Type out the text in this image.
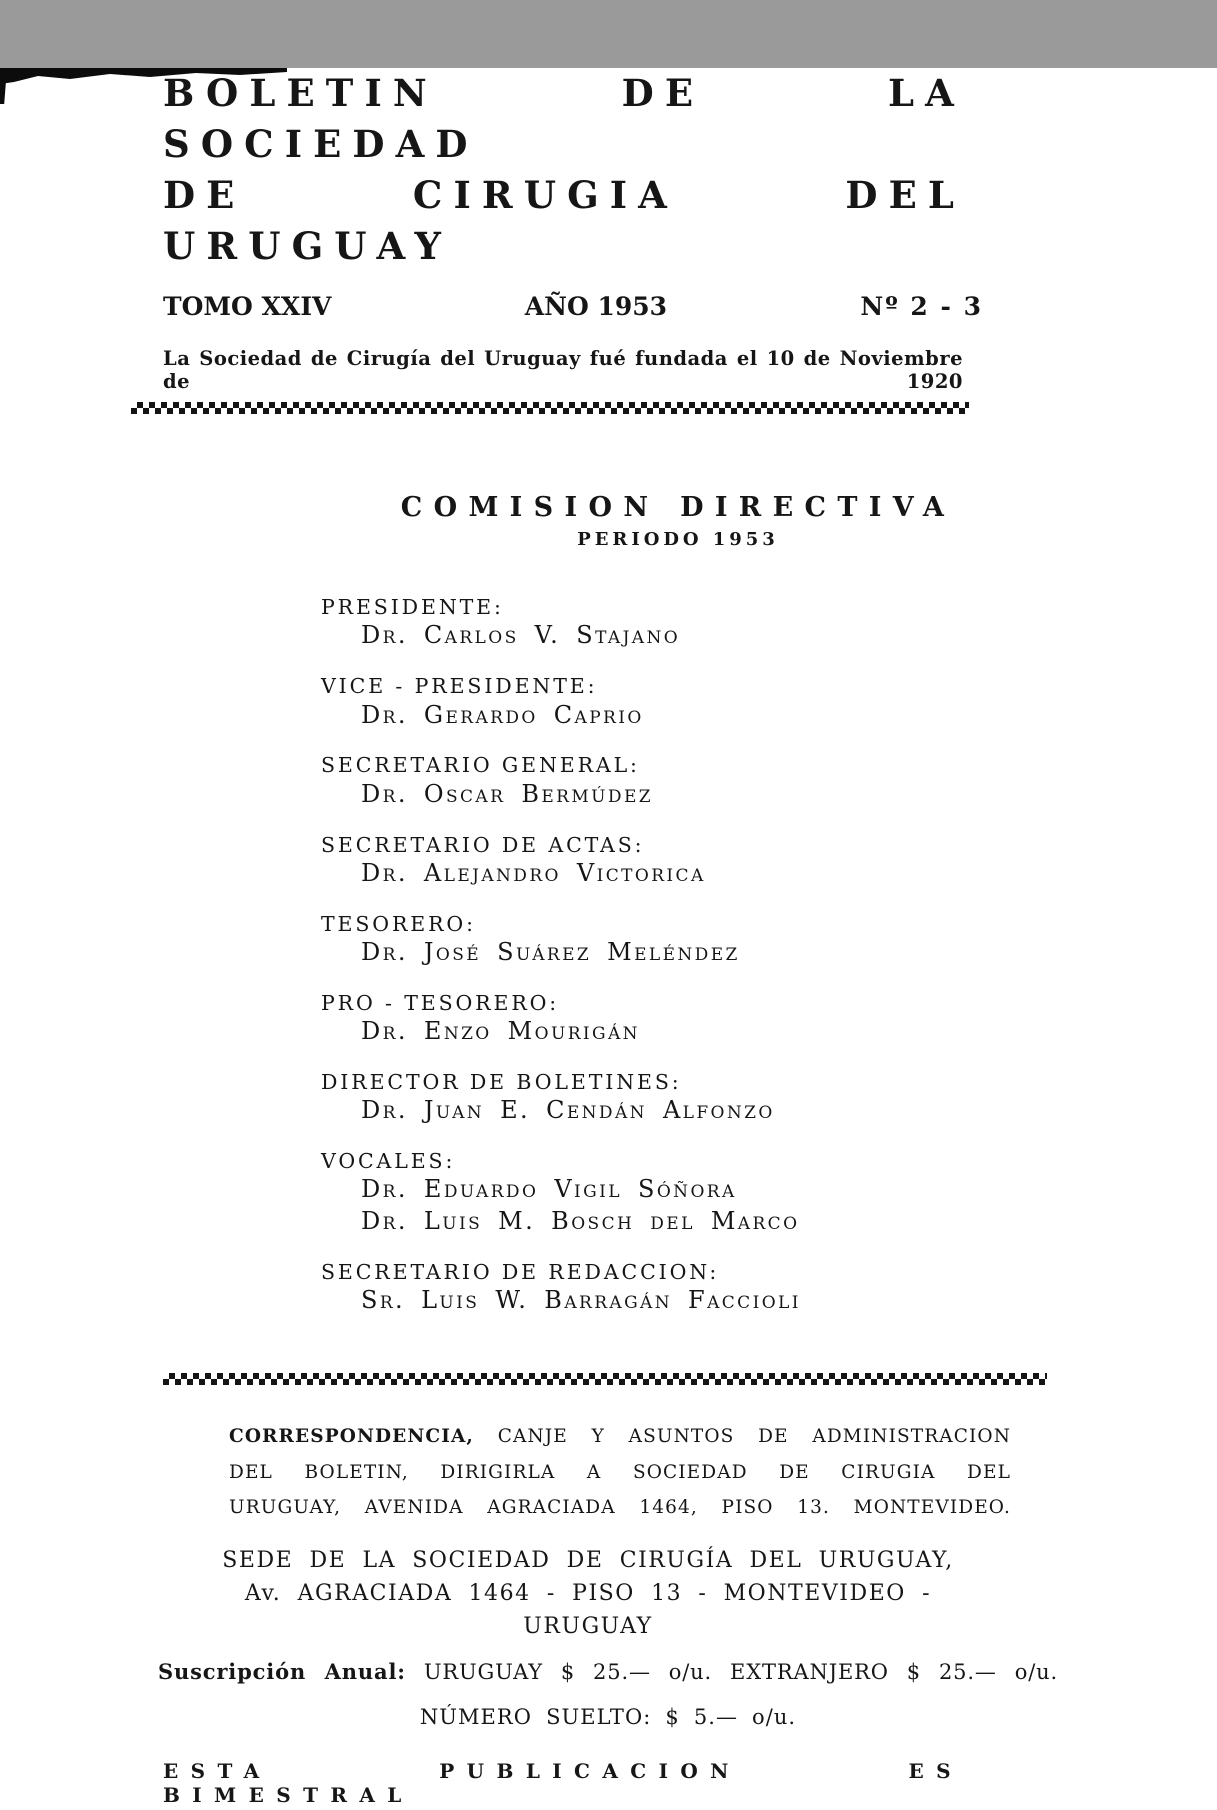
BOLETIN DE LA SOCIEDAD
DE CIRUGIA DEL URUGUAY
TOMO XXIV	AÑO 1953	Nº 2 - 3
La Sociedad de Cirugía del Uruguay fué fundada el 10 de Noviembre de 1920
COMISION DIRECTIVA
PERIODO 1953
PRESIDENTE:
Dr. Carlos V. Stajano
VICE - PRESIDENTE:
Dr. Gerardo Caprio
SECRETARIO GENERAL:
Dr. Oscar Bermúdez
SECRETARIO DE ACTAS:
Dr. Alejandro Victorica
TESORERO:
Dr. José Suárez Meléndez
PRO - TESORERO:
Dr. Enzo Mourigán
DIRECTOR DE BOLETINES:
Dr. Juan E. Cendán Alfonzo
VOCALES:
Dr. Eduardo Vigil Sóñora
Dr. Luis M. Bosch del Marco
SECRETARIO DE REDACCION:
Sr. Luis W. Barragán Faccioli

CORRESPONDENCIA, CANJE Y ASUNTOS DE ADMINISTRACION DEL BOLETIN, DIRIGIRLA A SOCIEDAD DE CIRUGIA DEL URUGUAY, AVENIDA AGRACIADA 1464, PISO 13. MONTEVIDEO.

SEDE DE LA SOCIEDAD DE CIRUGÍA DEL URUGUAY,
Av. AGRACIADA 1464 - PISO 13 - MONTEVIDEO - URUGUAY

Suscripción Anual: URUGUAY $ 25.— o/u. EXTRANJERO $ 25.— o/u.

NÚMERO SUELTO: $ 5.— o/u.
ESTA PUBLICACION ES BIMESTRAL
